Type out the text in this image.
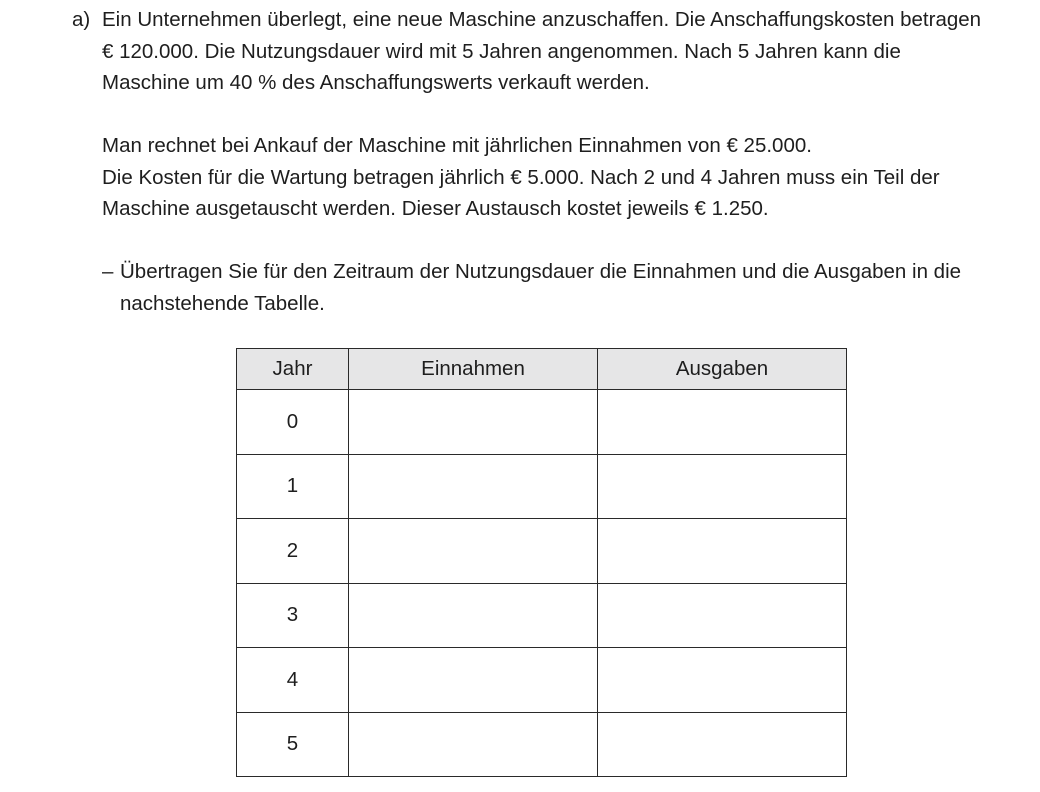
a) Ein Unternehmen überlegt, eine neue Maschine anzuschaffen. Die Anschaffungskosten betragen € 120.000. Die Nutzungsdauer wird mit 5 Jahren angenommen. Nach 5 Jahren kann die Maschine um 40 % des Anschaffungswerts verkauft werden.

Man rechnet bei Ankauf der Maschine mit jährlichen Einnahmen von € 25.000.
Die Kosten für die Wartung betragen jährlich € 5.000. Nach 2 und 4 Jahren muss ein Teil der Maschine ausgetauscht werden. Dieser Austausch kostet jeweils € 1.250.
– Übertragen Sie für den Zeitraum der Nutzungsdauer die Einnahmen und die Ausgaben in die nachstehende Tabelle.
Jahr	Einnahmen	Ausgaben
0		
1		
2		
3		
4		
5		
